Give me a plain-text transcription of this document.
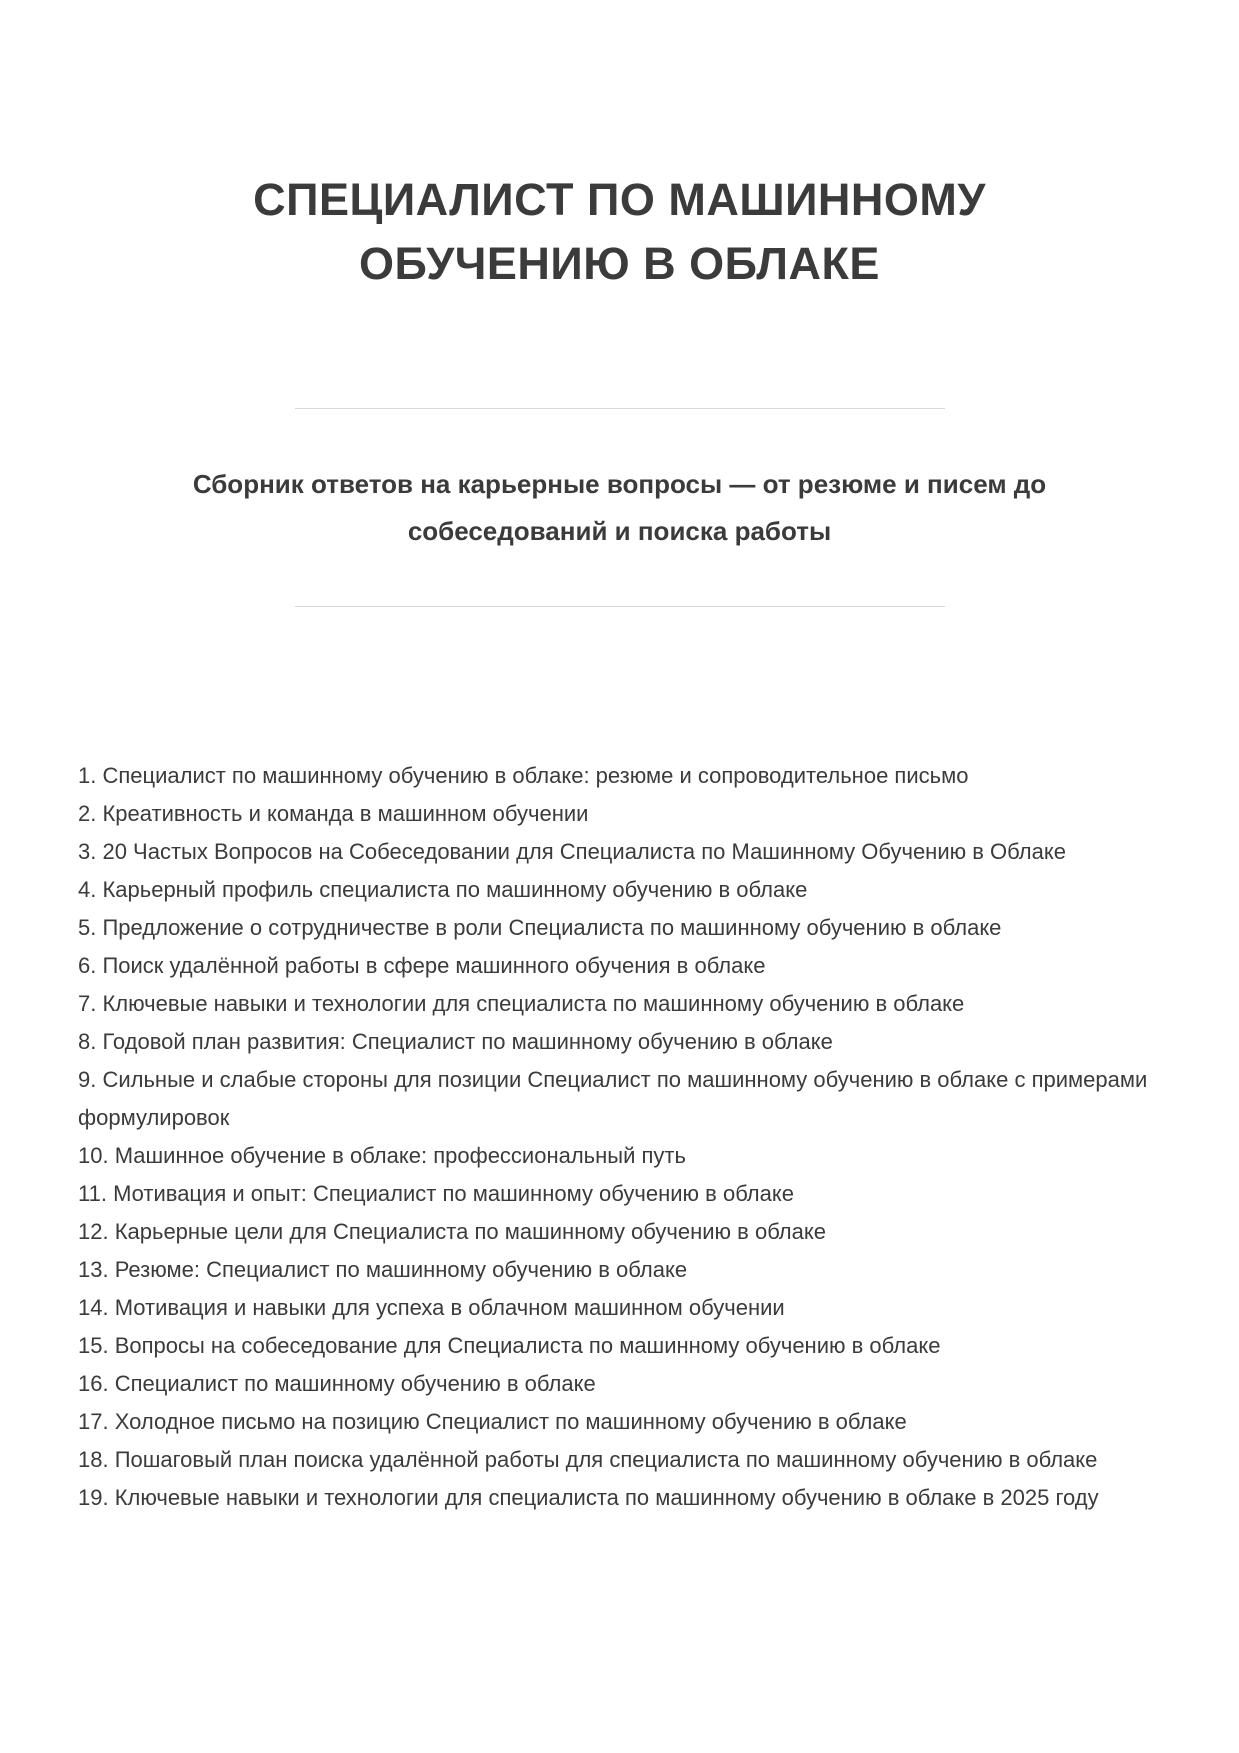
СПЕЦИАЛИСТ ПО МАШИННОМУ ОБУЧЕНИЮ В ОБЛАКЕ
Сборник ответов на карьерные вопросы — от резюме и писем до собеседований и поиска работы
1. Специалист по машинному обучению в облаке: резюме и сопроводительное письмо
2. Креативность и команда в машинном обучении
3. 20 Частых Вопросов на Собеседовании для Специалиста по Машинному Обучению в Облаке
4. Карьерный профиль специалиста по машинному обучению в облаке
5. Предложение о сотрудничестве в роли Специалиста по машинному обучению в облаке
6. Поиск удалённой работы в сфере машинного обучения в облаке
7. Ключевые навыки и технологии для специалиста по машинному обучению в облаке
8. Годовой план развития: Специалист по машинному обучению в облаке
9. Сильные и слабые стороны для позиции Специалист по машинному обучению в облаке с примерами формулировок
10. Машинное обучение в облаке: профессиональный путь
11. Мотивация и опыт: Специалист по машинному обучению в облаке
12. Карьерные цели для Специалиста по машинному обучению в облаке
13. Резюме: Специалист по машинному обучению в облаке
14. Мотивация и навыки для успеха в облачном машинном обучении
15. Вопросы на собеседование для Специалиста по машинному обучению в облаке
16. Специалист по машинному обучению в облаке
17. Холодное письмо на позицию Специалист по машинному обучению в облаке
18. Пошаговый план поиска удалённой работы для специалиста по машинному обучению в облаке
19. Ключевые навыки и технологии для специалиста по машинному обучению в облаке в 2025 году
